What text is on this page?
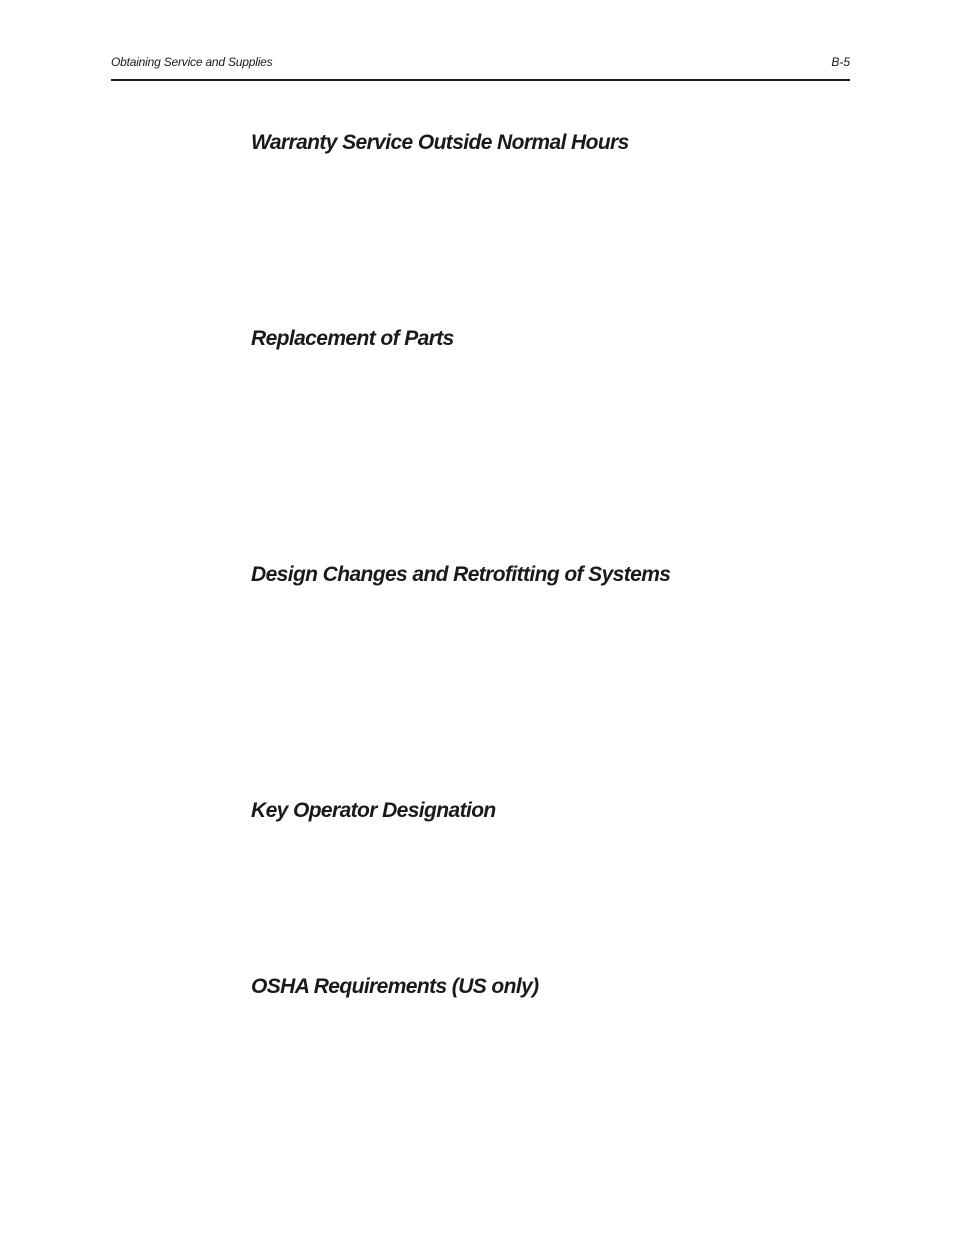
Obtaining Service and Supplies	B-5
Warranty Service Outside Normal Hours
Replacement of Parts
Design Changes and Retrofitting of Systems
Key Operator Designation
OSHA Requirements (US only)
